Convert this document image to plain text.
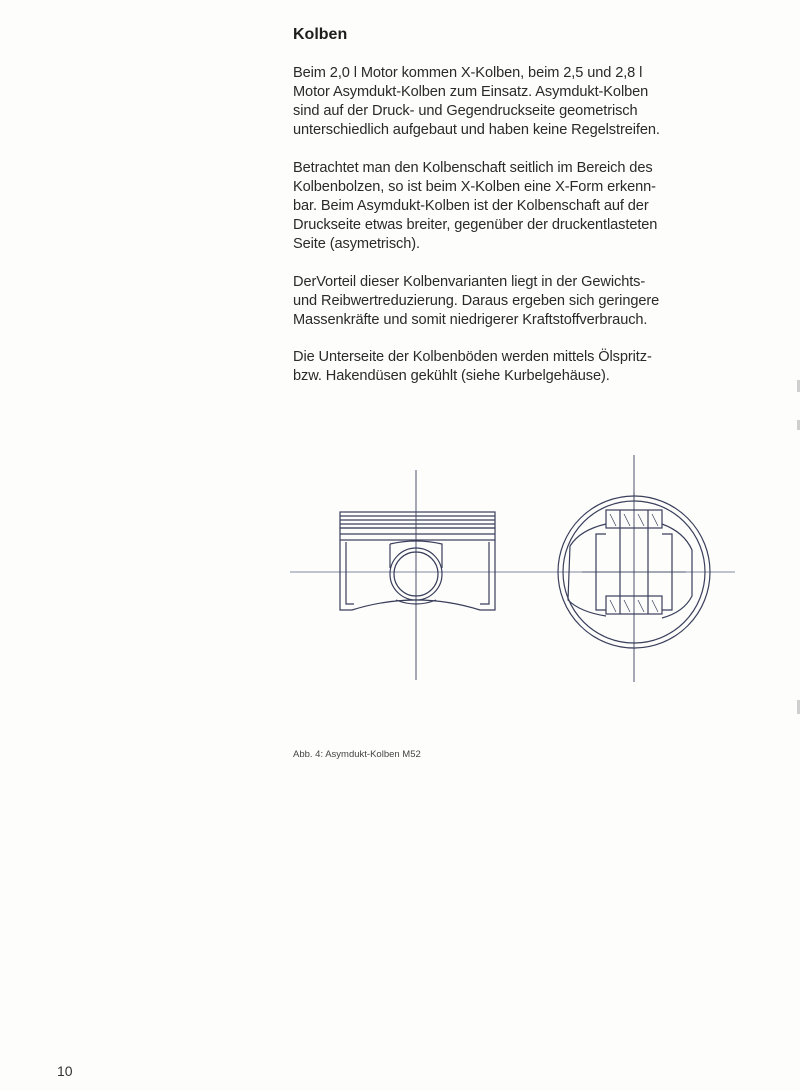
Kolben

Beim 2,0 l Motor kommen X-Kolben, beim 2,5 und 2,8 l
Motor Asymdukt-Kolben zum Einsatz. Asymdukt-Kolben
sind auf der Druck- und Gegendruckseite geometrisch
unterschiedlich aufgebaut und haben keine Regelstreifen.

Betrachtet man den Kolbenschaft seitlich im Bereich des
Kolbenbolzen, so ist beim X-Kolben eine X-Form erkenn-
bar. Beim Asymdukt-Kolben ist der Kolbenschaft auf der
Druckseite etwas breiter, gegenüber der druckentlasteten
Seite (asymetrisch).

DerVorteil dieser Kolbenvarianten liegt in der Gewichts-
und Reibwertreduzierung. Daraus ergeben sich geringere
Massenkräfte und somit niedrigerer Kraftstoffverbrauch.

Die Unterseite der Kolbenböden werden mittels Ölspritz-
bzw. Hakendüsen gekühlt (siehe Kurbelgehäuse).

Abb. 4: Asymdukt-Kolben M52
10
